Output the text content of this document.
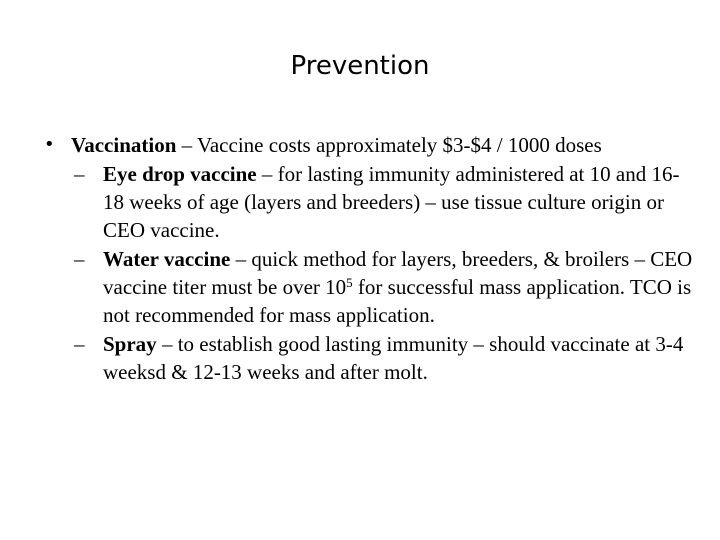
Prevention
• Vaccination – Vaccine costs approximately $3-$4 / 1000 doses
– Eye drop vaccine – for lasting immunity administered at 10 and 16-18 weeks of age (layers and breeders) – use tissue culture origin or CEO vaccine.
– Water vaccine – quick method for layers, breeders, & broilers – CEO vaccine titer must be over $10^5$ for successful mass application. TCO is not recommended for mass application.
– Spray – to establish good lasting immunity – should vaccinate at 3-4 weeksd & 12-13 weeks and after molt.
